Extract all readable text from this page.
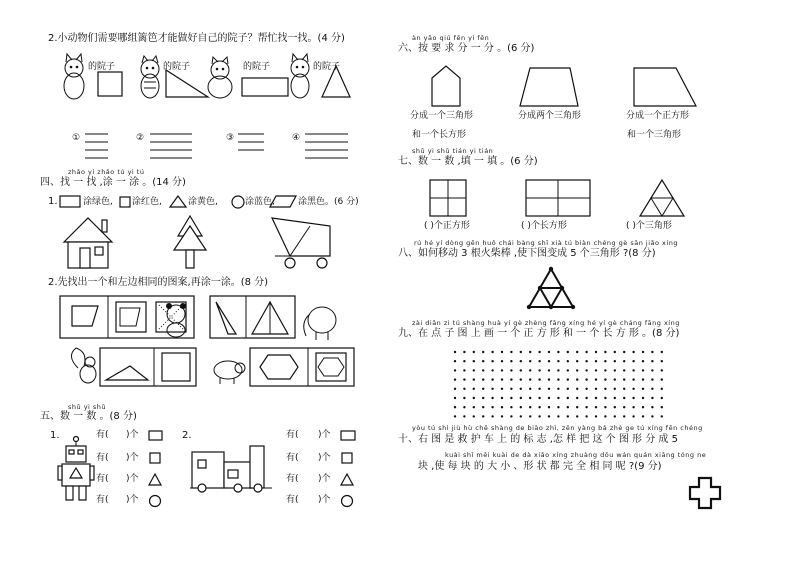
2.小动物们需要哪组篱笆才能做好自己的院子？帮忙找一找。(4 分)
的院子	的院子	的院子	的院子
①	②	③	④
zhǎo yi zhǎo tú yi tú
四、找 一 找 ,涂 一 涂 。(14 分)
1.	涂绿色, 涂红色,	涂黄色,	涂蓝色,	涂黑色。(6 分)
2.先找出一个和左边相同的图案,再涂一涂。(8 分)
shǔ yi shǔ
五、数 一 数 。(8 分)
1.	2.
有( )个
有( )个
有( )个
有( )个
有( )个
有( )个
有( )个
有( )个
àn yāo qiú fēn yi fēn
六、按 要 求 分 一 分 。(6 分)
分成一个三角形
和一个长方形
分成两个三角形	分成一个正方形
和一个三角形
shǔ yi shǔ tián yi tián
七、数 一 数 ,填 一 填 。(6 分)
( )个正方形	( )个长方形	( )个三角形
rú hé yí dòng gēn huǒ chái bàng shǐ xià tú biàn chéng gè sān jiǎo xíng
八、如何移动 3 根火柴棒 ,使下图变成 5 个三角形 ?(8 分)
zài diǎn zi tú shàng huà yí gè zhèng fāng xíng hé yí gè cháng fāng xíng
九、在 点 子 图 上 画 一 个 正 方 形 和 一 个 长 方 形 。(8 分)
yòu tú shì jiù hù chē shàng de biāo zhì, zěn yàng bǎ zhè ge tú xíng fēn chéng
十、右 图 是 救 护 车 上 的 标 志 ,怎 样 把 这 个 图 形 分 成 5
kuài shǐ měi kuài de dà xiǎo xíng zhuàng dōu wán quán xiāng tóng ne
块 ,使 每 块 的 大 小 、形 状 都 完 全 相 同 呢 ?(9 分)
